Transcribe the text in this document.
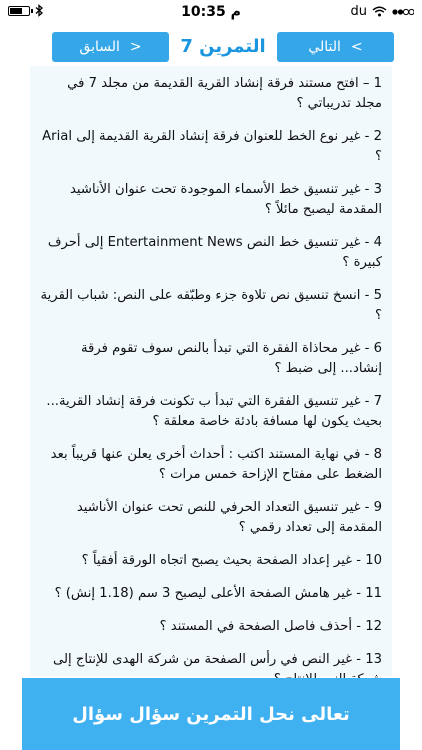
10:35 م	du
السابق >	التمرين 7	التالي <
1 – افتح مستند فرقة إنشاد القرية القديمة من مجلد 7 في مجلد تدريباتي ؟
2 - غير نوع الخط للعنوان فرقة إنشاد القرية القديمة إلى Arial ؟
3 - غير تنسيق خط الأسماء الموجودة تحت عنوان الأناشيد المقدمة ليصبح مائلاً ؟
4 - غير تنسيق خط النص Entertainment News إلى أحرف كبيرة ؟
5 - انسخ تنسيق نص تلاوة جزء وطبّقه على النص: شباب القرية ؟
6 - غير محاذاة الفقرة التي تبدأ بالنص سوف تقوم فرقة إنشاد... إلى ضبط ؟
7 - غير تنسيق الفقرة التي تبدأ ب تكونت فرقة إنشاد القرية... بحيث يكون لها مسافة بادئة خاصة معلقة ؟
8 - في نهاية المستند اكتب : أحداث أخرى يعلن عنها قريباً بعد الضغط على مفتاح الإزاحة خمس مرات ؟
9 - غير تنسيق التعداد الحرفي للنص تحت عنوان الأناشيد المقدمة إلى تعداد رقمي ؟
10 - غير إعداد الصفحة بحيث يصبح اتجاه الورقة أفقياً ؟
11 - غير هامش الصفحة الأعلى ليصبح 3 سم (1.18 إنش) ؟
12 - أحذف فاصل الصفحة في المستند ؟
13 - غير النص في رأس الصفحة من شركة الهدى للإنتاج إلى
تعالى نحل التمرين سؤال سؤال
